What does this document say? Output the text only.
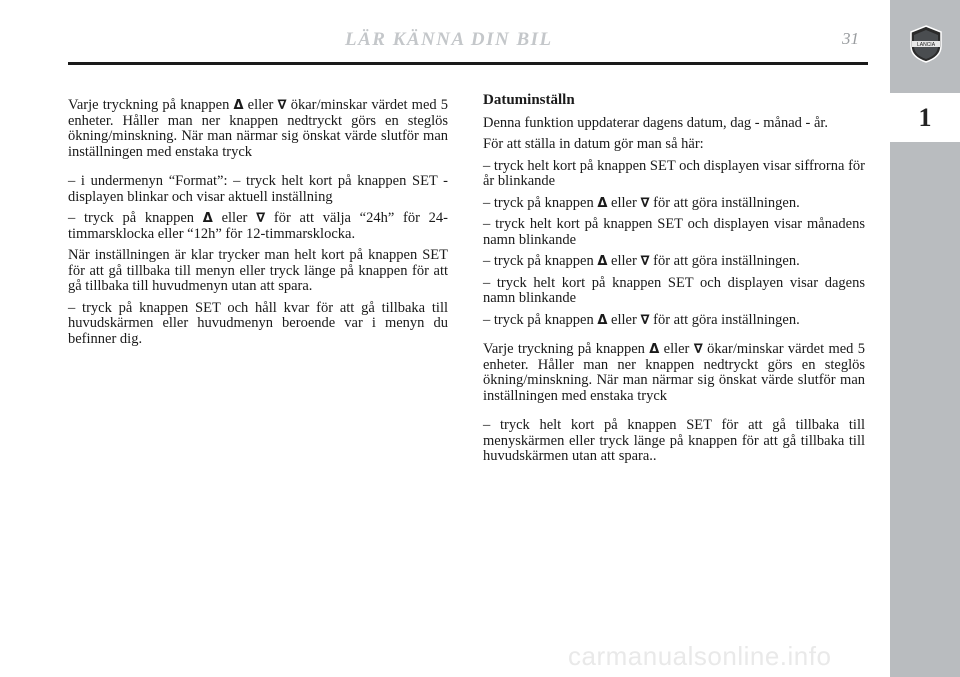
LANCIA
1
LÄR KÄNNA DIN BIL	31

Varje tryckning på knappen Δ eller ∇ ökar/minskar värdet med 5 enheter. Håller man ner knappen nedtryckt görs en steglös ökning/minskning. När man närmar sig önskat värde slutför man inställningen med enstaka tryck

– i undermenyn “Format”: – tryck helt kort på knappen SET - displayen blinkar och visar aktuell inställning

– tryck på knappen Δ eller ∇ för att välja “24h” för 24-timmarsklocka eller “12h” för 12-timmarsklocka.

När inställningen är klar trycker man helt kort på knappen SET för att gå tillbaka till menyn eller tryck länge på knappen för att gå tillbaka till huvudmenyn utan att spara.

– tryck på knappen SET och håll kvar för att gå tillbaka till huvudskärmen eller huvudmenyn beroende var i menyn du befinner dig.

Datuminställn

Denna funktion uppdaterar dagens datum, dag - månad - år.

För att ställa in datum gör man så här:

– tryck helt kort på knappen SET och displayen visar siffrorna för år blinkande

– tryck på knappen Δ eller ∇ för att göra inställningen.

– tryck helt kort på knappen SET och displayen visar månadens namn blinkande

– tryck på knappen Δ eller ∇ för att göra inställningen.

– tryck helt kort på knappen SET och displayen visar dagens namn blinkande

– tryck på knappen Δ eller ∇ för att göra inställningen.

Varje tryckning på knappen Δ eller ∇ ökar/minskar värdet med 5 enheter. Håller man ner knappen nedtryckt görs en steglös ökning/minskning. När man närmar sig önskat värde slutför man inställningen med enstaka tryck

– tryck helt kort på knappen SET för att gå tillbaka till menyskärmen eller tryck länge på knappen för att gå tillbaka till huvudskärmen utan att spara..

carmanualsonline.info
